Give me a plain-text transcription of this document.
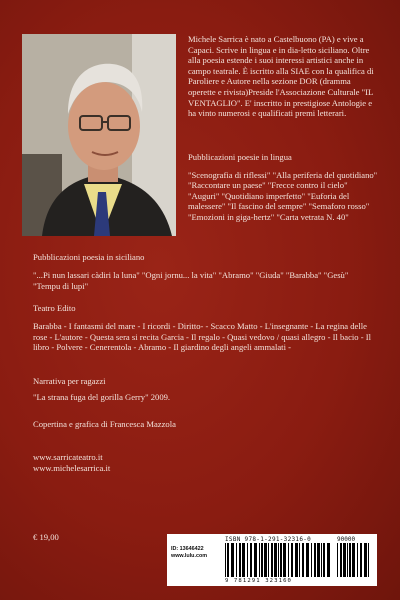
Michele Sarrica è nato a Castelbuono (PA) e vive a Capaci. Scrive in lingua e in dia-letto siciliano. Oltre alla poesia estende i suoi interessi artistici anche in campo teatrale. È iscritto alla SIAE con la qualifica di Paroliere e Autore nella sezione DOR (dramma operette e rivista)Preside l'Associazione Culturale "IL VENTAGLIO". E' inscritto in prestigiose Antologie e ha vinto numerosi e qualificati premi letterari.

Pubblicazioni poesie in lingua
"Scenografia di riflessi" "Alla periferia del quotidiano" "Raccontare un paese" "Frecce contro il cielo" "Auguri" "Quotidiano imperfetto" "Euforia del malessere" "Il fascino del sempre" "Semaforo rosso" "Emozioni in giga-hertz" "Carta vetrata N. 40"
Pubblicazioni poesia in siciliano
"...Pi nun lassari càdiri la luna" "Ogni jornu... la vita" "Abramo" "Giuda" "Barabba" "Gesù" "Tempu di lupi"
Teatro Edito
Barabba - I fantasmi del mare - I ricordi - Diritto- - Scacco Matto - L'insegnante - La regina delle rose - L'autore - Questa sera si recita Garcia - Il regalo - Quasi vedovo / quasi allegro - Il bacio - Il libro - Polvere - Cenerentola - Abramo - Il giardino degli angeli ammalati -
Narrativa per ragazzi
"La strana fuga del gorilla Gerry" 2009.
Copertina e grafica di Francesca Mazzola
www.sarricateatro.it
www.michelesarrica.it
€ 19,00	ISBN 978-1-291-32316-0	90000
ID: 13646422
www.lulu.com
9 781291 323160
